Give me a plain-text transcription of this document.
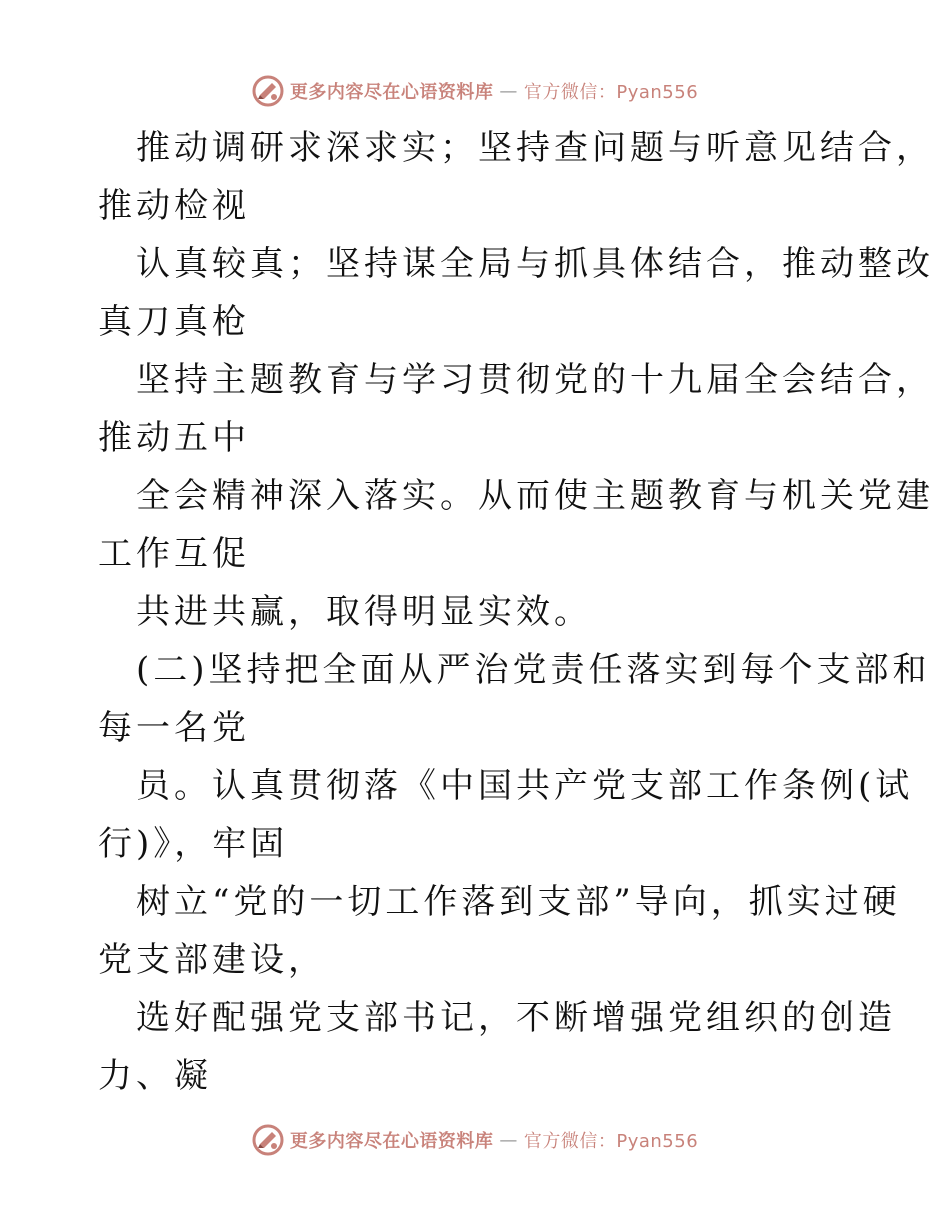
更多内容尽在心语资料库 — 官方微信：Pyan556
推动调研求深求实；坚持查问题与听意见结合，
推动检视
认真较真；坚持谋全局与抓具体结合，推动整改
真刀真枪
坚持主题教育与学习贯彻党的十九届全会结合，
推动五中
全会精神深入落实。从而使主题教育与机关党建
工作互促
共进共赢，取得明显实效。
(二)坚持把全面从严治党责任落实到每个支部和
每一名党
员。认真贯彻落《中国共产党支部工作条例(试
行)》，牢固
树立“党的一切工作落到支部”导向，抓实过硬
党支部建设，
选好配强党支部书记，不断增强党组织的创造
力、凝
更多内容尽在心语资料库 — 官方微信：Pyan556
